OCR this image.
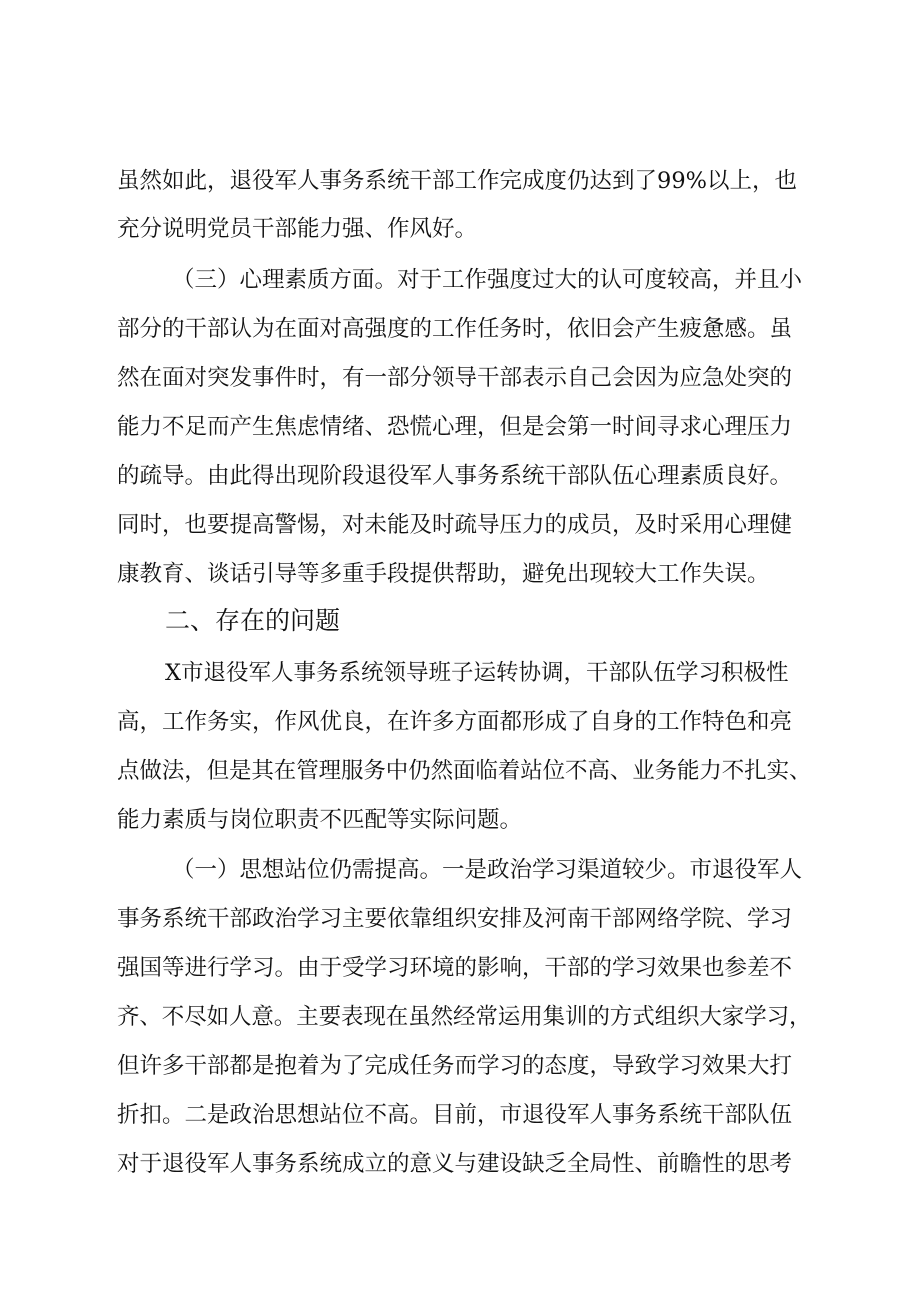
虽然如此，退役军人事务系统干部工作完成度仍达到了99%以上，也
充分说明党员干部能力强、作风好。
（三）心理素质方面。对于工作强度过大的认可度较高，并且小
部分的干部认为在面对高强度的工作任务时，依旧会产生疲惫感。虽
然在面对突发事件时，有一部分领导干部表示自己会因为应急处突的
能力不足而产生焦虑情绪、恐慌心理，但是会第一时间寻求心理压力
的疏导。由此得出现阶段退役军人事务系统干部队伍心理素质良好。
同时，也要提高警惕，对未能及时疏导压力的成员，及时采用心理健
康教育、谈话引导等多重手段提供帮助，避免出现较大工作失误。
二、存在的问题
X市退役军人事务系统领导班子运转协调，干部队伍学习积极性
高，工作务实，作风优良，在许多方面都形成了自身的工作特色和亮
点做法，但是其在管理服务中仍然面临着站位不高、业务能力不扎实、
能力素质与岗位职责不匹配等实际问题。
（一）思想站位仍需提高。一是政治学习渠道较少。市退役军人
事务系统干部政治学习主要依靠组织安排及河南干部网络学院、学习
强国等进行学习。由于受学习环境的影响，干部的学习效果也参差不
齐、不尽如人意。主要表现在虽然经常运用集训的方式组织大家学习，
但许多干部都是抱着为了完成任务而学习的态度，导致学习效果大打
折扣。二是政治思想站位不高。目前，市退役军人事务系统干部队伍
对于退役军人事务系统成立的意义与建设缺乏全局性、前瞻性的思考
